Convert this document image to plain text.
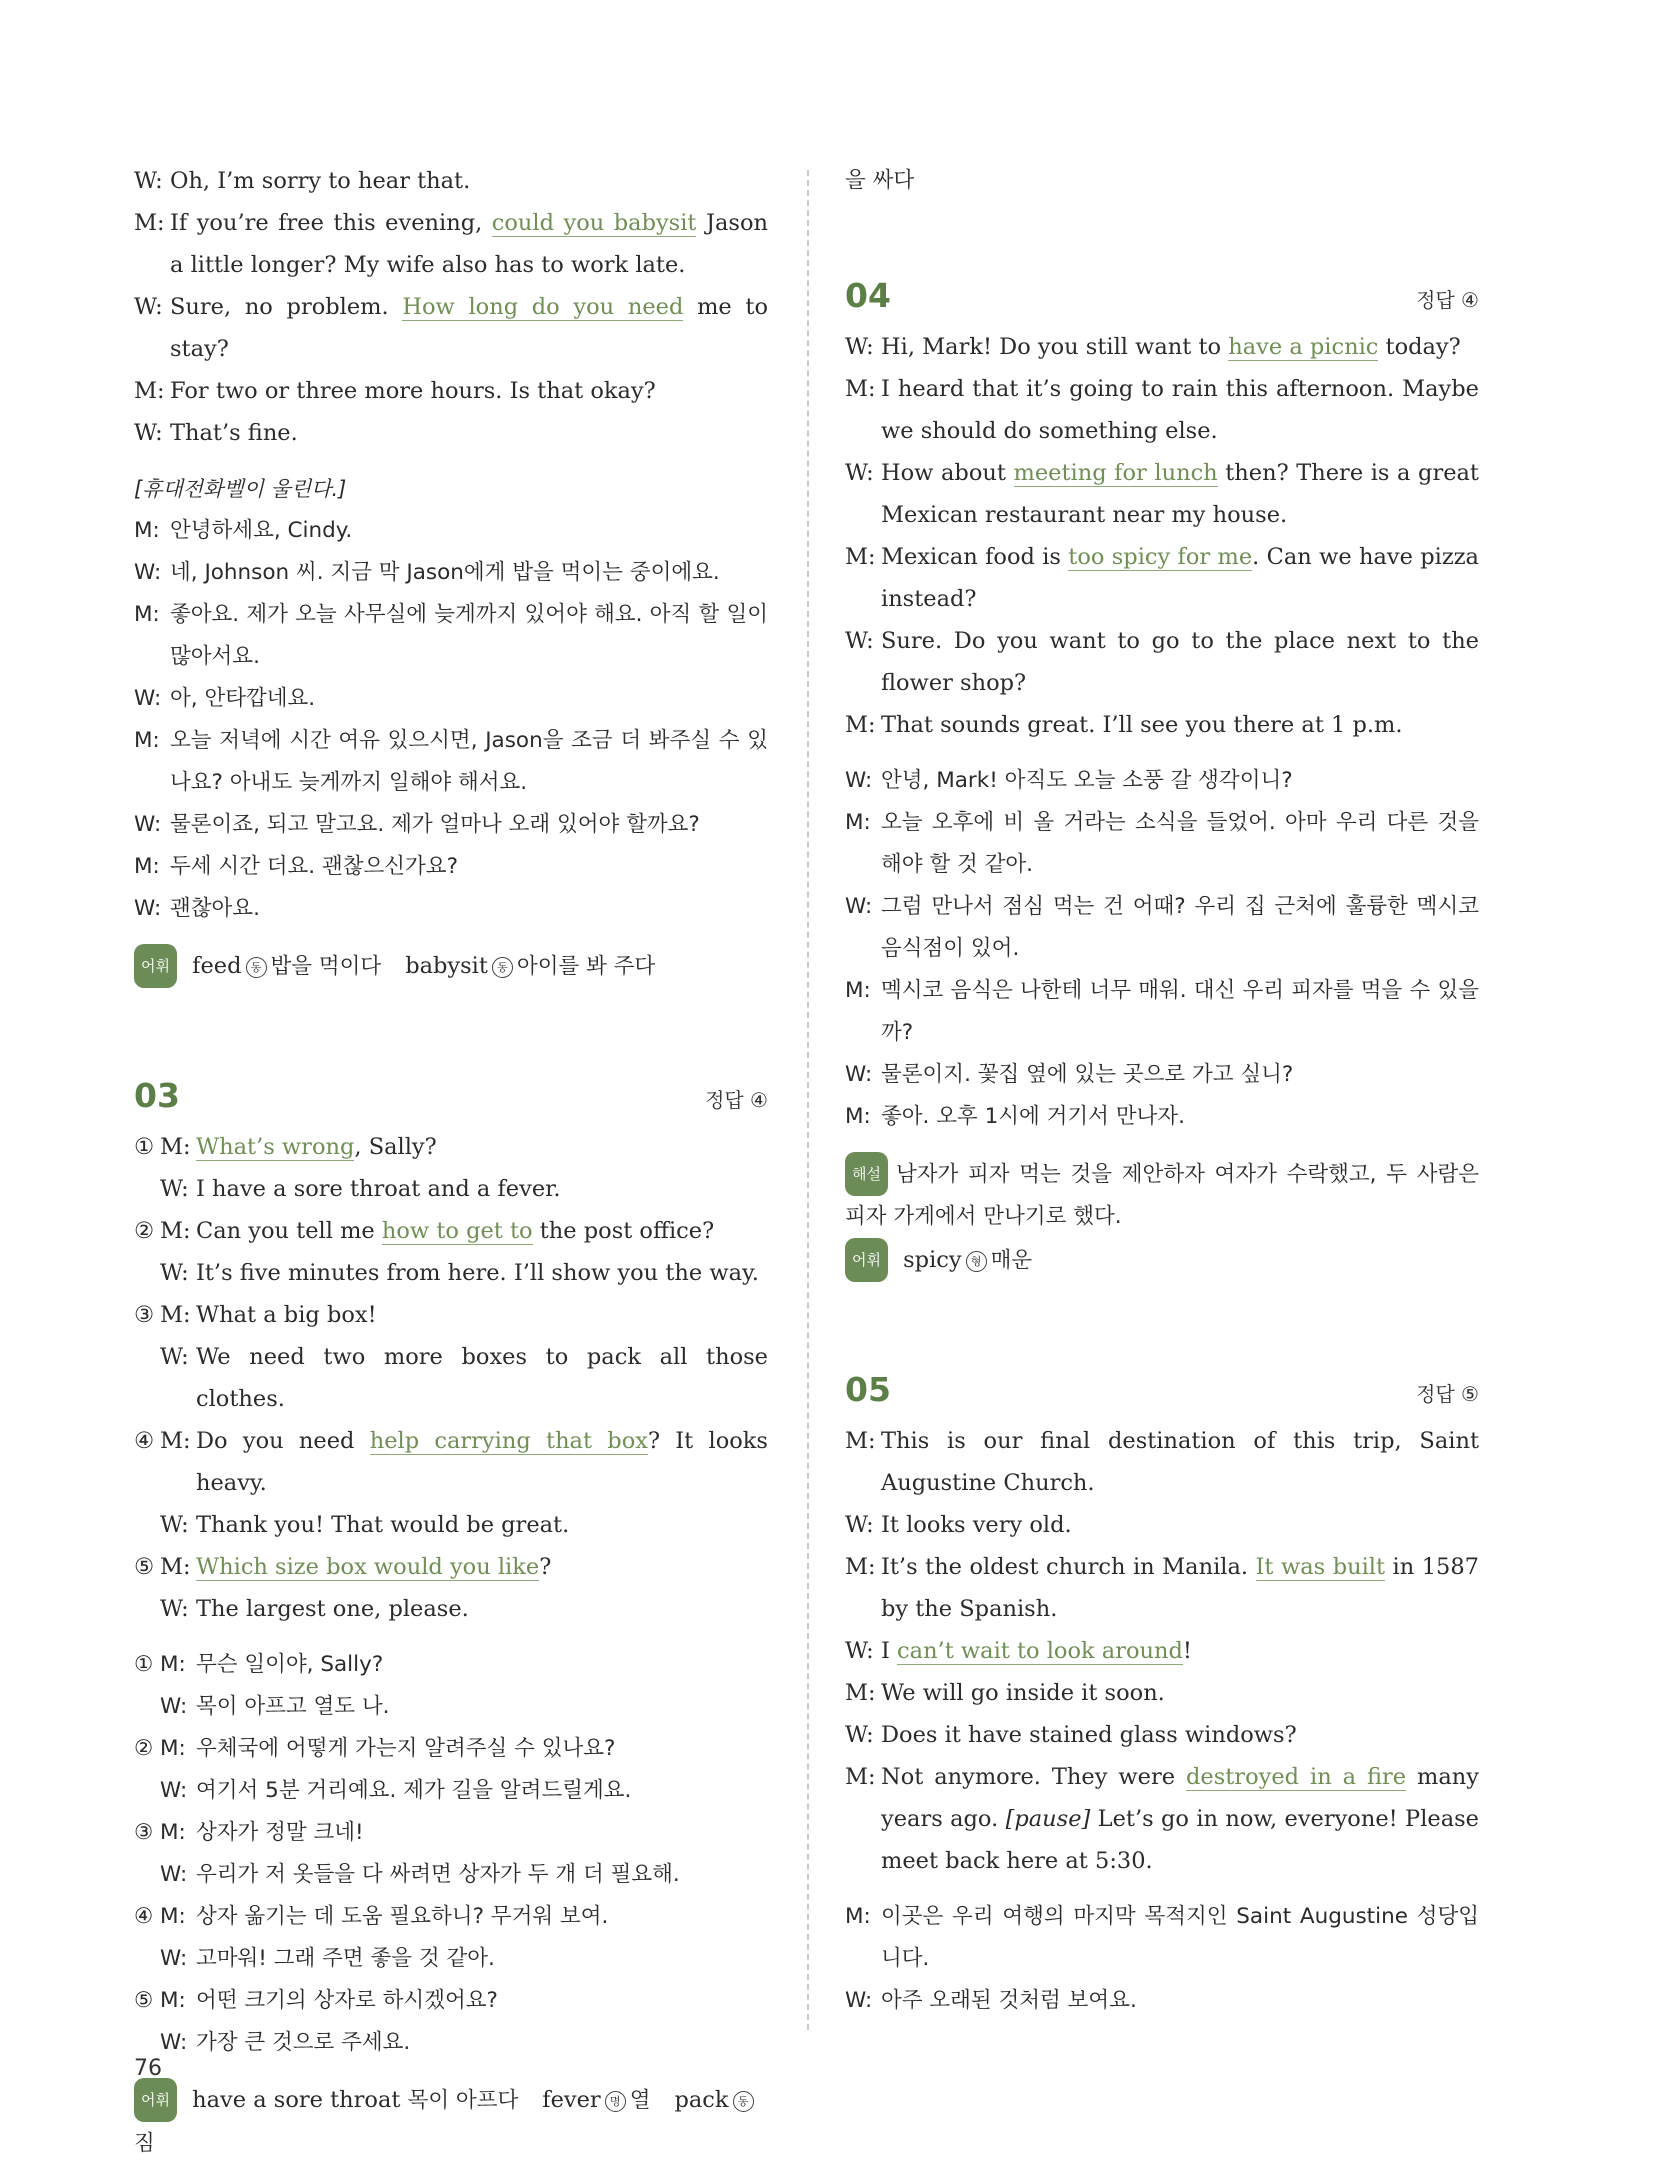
W: Oh, I’m sorry to hear that.

M: If you’re free this evening, could you babysit Jason a little longer? My wife also has to work late.

W: Sure, no problem. How long do you need me to stay?

M: For two or three more hours. Is that okay?

W: That’s fine.

[휴대전화벨이 울린다.]

M: 안녕하세요, Cindy.

W: 네, Johnson 씨. 지금 막 Jason에게 밥을 먹이는 중이에요.

M: 좋아요. 제가 오늘 사무실에 늦게까지 있어야 해요. 아직 할 일이 많아서요.

W: 아, 안타깝네요.

M: 오늘 저녁에 시간 여유 있으시면, Jason을 조금 더 봐주실 수 있나요? 아내도 늦게까지 일해야 해서요.

W: 물론이죠, 되고 말고요. 제가 얼마나 오래 있어야 할까요?

M: 두세 시간 더요. 괜찮으신가요?

W: 괜찮아요.

어휘 feed 동 밥을 먹이다 babysit 동 아이를 봐 주다
03	정답 ④

① M: What’s wrong, Sally?

W: I have a sore throat and a fever.

② M: Can you tell me how to get to the post office?

W: It’s five minutes from here. I’ll show you the way.

③ M: What a big box!

W: We need two more boxes to pack all those clothes.

④ M: Do you need help carrying that box? It looks heavy.

W: Thank you! That would be great.

⑤ M: Which size box would you like?

W: The largest one, please.

① M: 무슨 일이야, Sally?

W: 목이 아프고 열도 나.

② M: 우체국에 어떻게 가는지 알려주실 수 있나요?

W: 여기서 5분 거리예요. 제가 길을 알려드릴게요.

③ M: 상자가 정말 크네!

W: 우리가 저 옷들을 다 싸려면 상자가 두 개 더 필요해.

④ M: 상자 옮기는 데 도움 필요하니? 무거워 보여.

W: 고마워! 그래 주면 좋을 것 같아.

⑤ M: 어떤 크기의 상자로 하시겠어요?

W: 가장 큰 것으로 주세요.

어휘 have a sore throat 목이 아프다 fever 명 열 pack 동짐

을 싸다

04	정답 ④

W: Hi, Mark! Do you still want to have a picnic today?

M: I heard that it’s going to rain this afternoon. Maybe we should do something else.

W: How about meeting for lunch then? There is a great Mexican restaurant near my house.

M: Mexican food is too spicy for me. Can we have pizza instead?

W: Sure. Do you want to go to the place next to the flower shop?

M: That sounds great. I’ll see you there at 1 p.m.

W: 안녕, Mark! 아직도 오늘 소풍 갈 생각이니?

M: 오늘 오후에 비 올 거라는 소식을 들었어. 아마 우리 다른 것을 해야 할 것 같아.

W: 그럼 만나서 점심 먹는 건 어때? 우리 집 근처에 훌륭한 멕시코 음식점이 있어.

M: 멕시코 음식은 나한테 너무 매워. 대신 우리 피자를 먹을 수 있을까?

W: 물론이지. 꽃집 옆에 있는 곳으로 가고 싶니?

M: 좋아. 오후 1시에 거기서 만나자.

해설 남자가 피자 먹는 것을 제안하자 여자가 수락했고, 두 사람은 피자 가게에서 만나기로 했다.

어휘 spicy 형 매운
05	정답 ⑤

M: This is our final destination of this trip, Saint Augustine Church.

W: It looks very old.

M: It’s the oldest church in Manila. It was built in 1587 by the Spanish.

W: I can’t wait to look around!

M: We will go inside it soon.

W: Does it have stained glass windows?

M: Not anymore. They were destroyed in a fire many years ago. [pause] Let’s go in now, everyone! Please meet back here at 5:30.

M: 이곳은 우리 여행의 마지막 목적지인 Saint Augustine 성당입니다.

W: 아주 오래된 것처럼 보여요.

76
